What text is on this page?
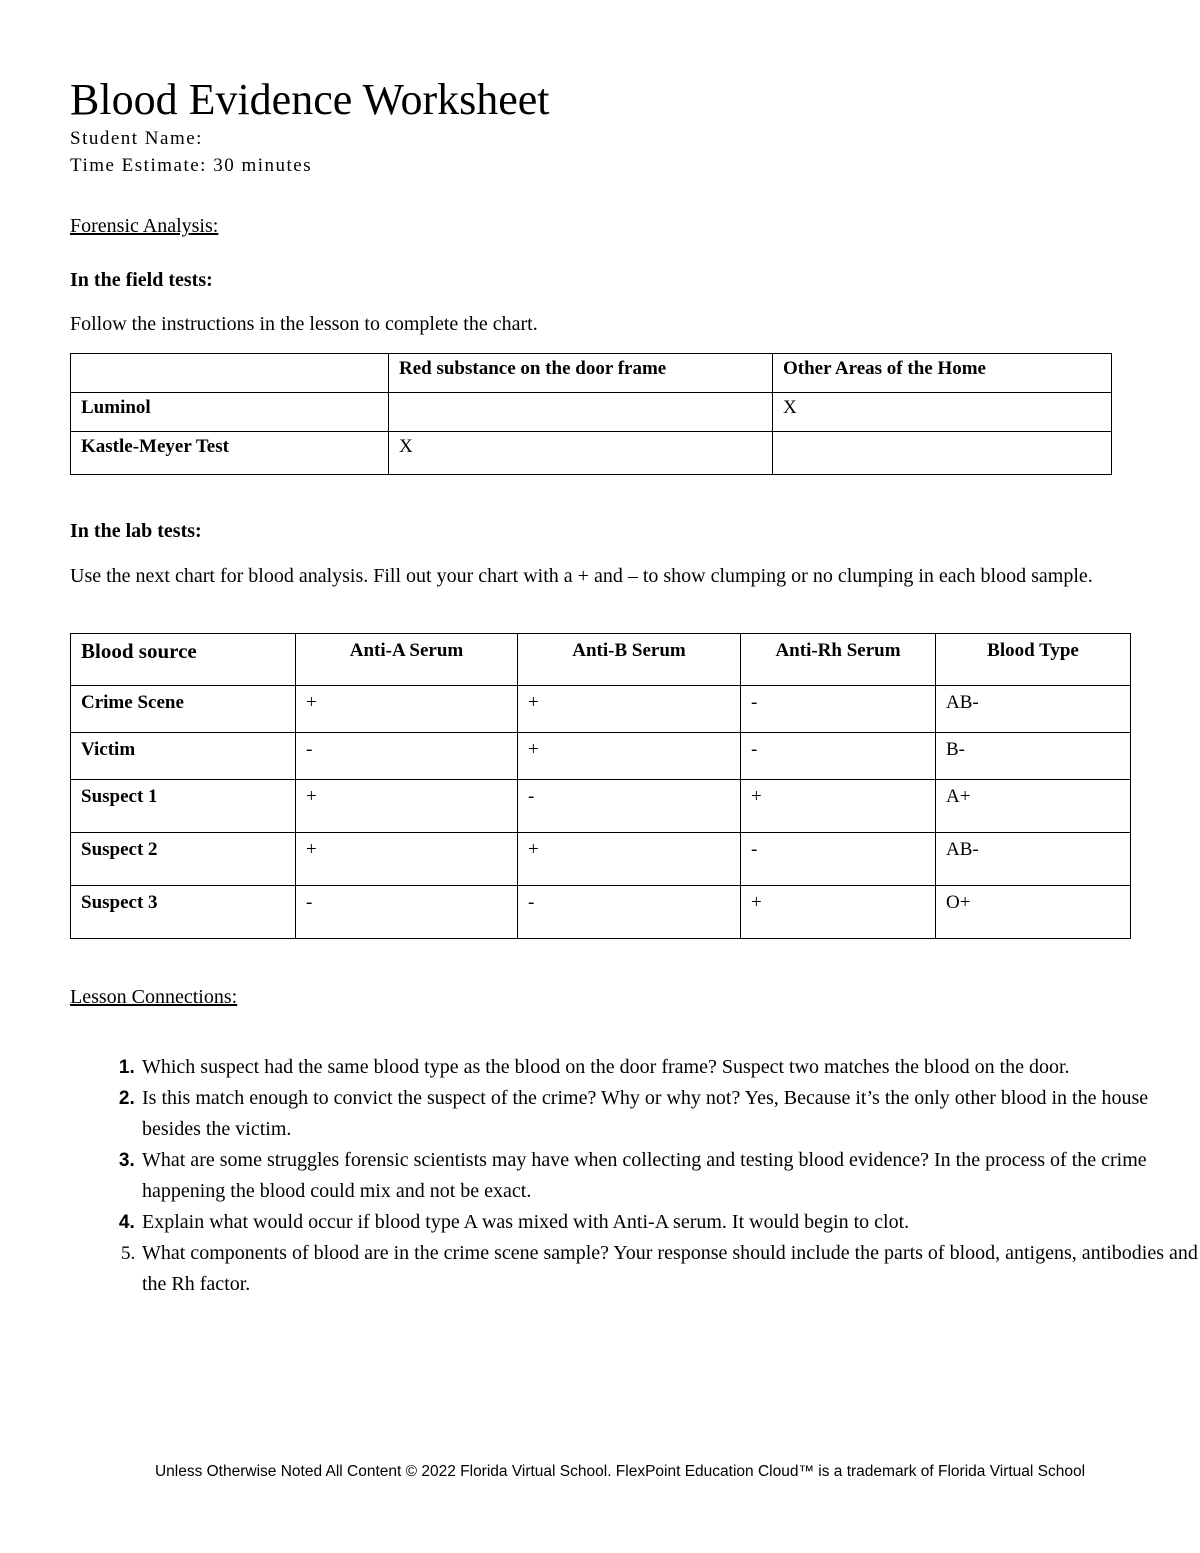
Blood Evidence Worksheet
Student Name:
Time Estimate: 30 minutes
Forensic Analysis:
In the field tests:
Follow the instructions in the lesson to complete the chart.
	Red substance on the door frame	Other Areas of the Home
Luminol		X
Kastle-Meyer Test	X	
In the lab tests:
Use the next chart for blood analysis. Fill out your chart with a + and – to show clumping or no clumping in each blood sample.
Blood source	Anti-A Serum	Anti-B Serum	Anti-Rh Serum	Blood Type
Crime Scene	+	+	-	AB-
Victim	-	+	-	B-
Suspect 1	+	-	+	A+
Suspect 2	+	+	-	AB-
Suspect 3	-	-	+	O+
Lesson Connections:
1. Which suspect had the same blood type as the blood on the door frame? Suspect two matches the blood on the door.
2. Is this match enough to convict the suspect of the crime? Why or why not? Yes, Because it’s the only other blood in the house besides the victim.
3. What are some struggles forensic scientists may have when collecting and testing blood evidence? In the process of the crime happening the blood could mix and not be exact.
4. Explain what would occur if blood type A was mixed with Anti-A serum. It would begin to clot.
5. What components of blood are in the crime scene sample? Your response should include the parts of blood, antigens, antibodies and the Rh factor.
Unless Otherwise Noted All Content © 2022 Florida Virtual School. FlexPoint Education Cloud™ is a trademark of Florida Virtual School
